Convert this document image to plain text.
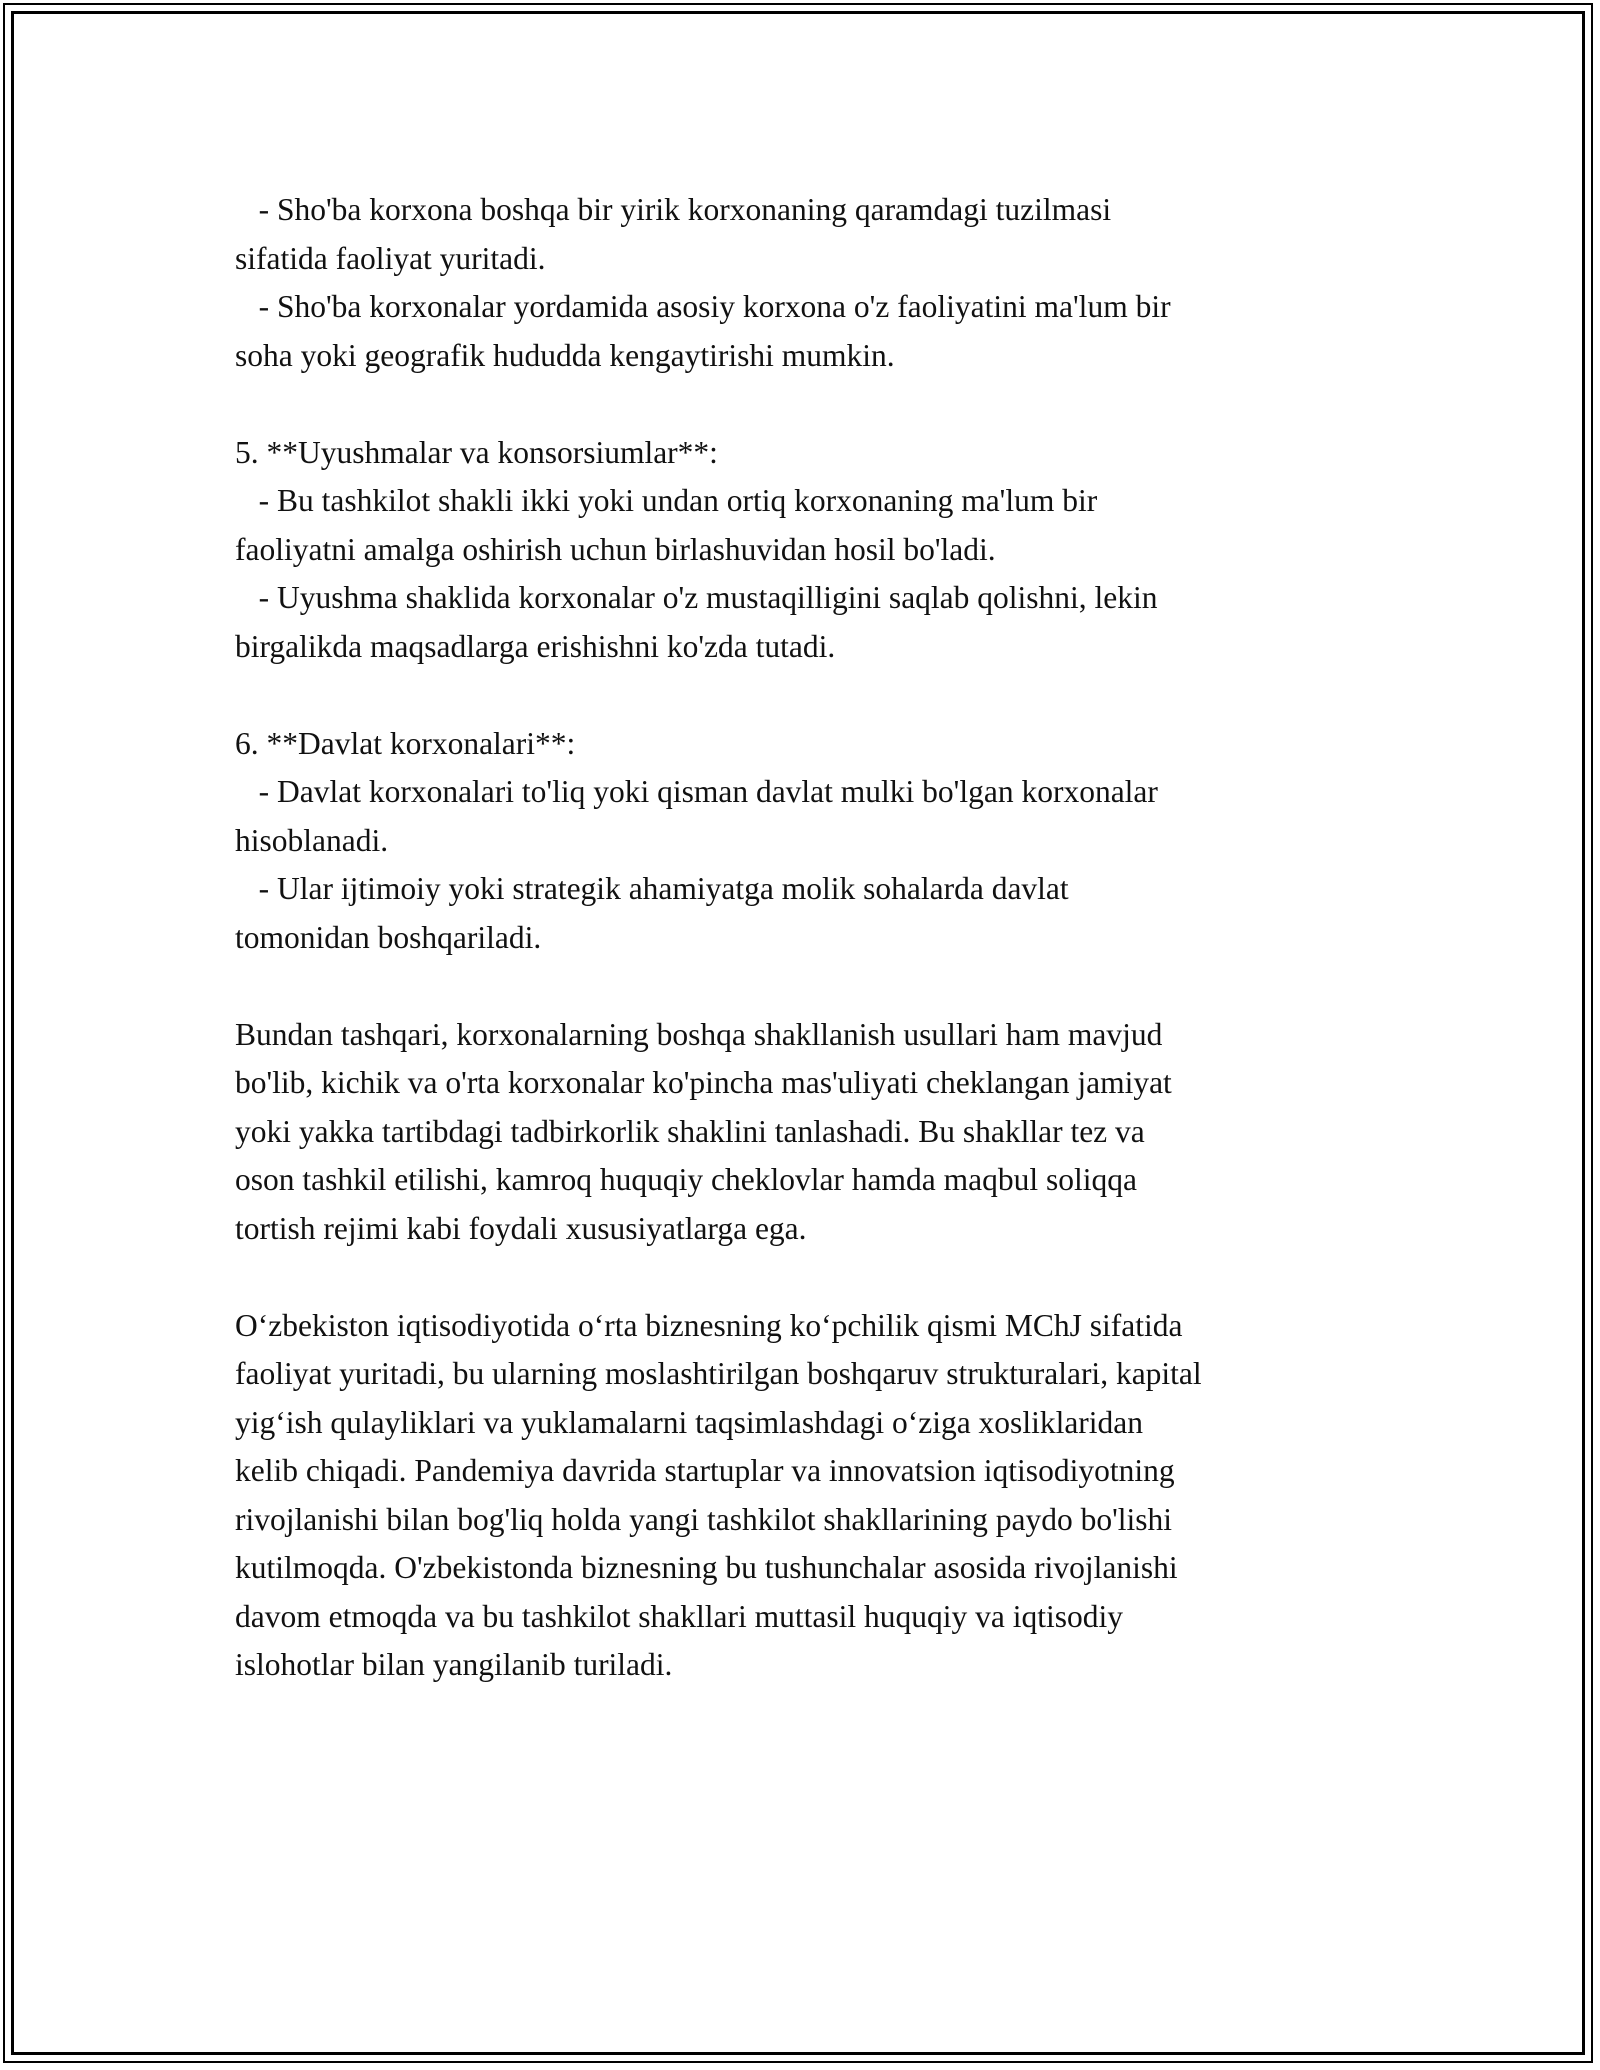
- Sho'ba korxona boshqa bir yirik korxonaning qaramdagi tuzilmasi
sifatida faoliyat yuritadi.
- Sho'ba korxonalar yordamida asosiy korxona o'z faoliyatini ma'lum bir
soha yoki geografik hududda kengaytirishi mumkin.
5. **Uyushmalar va konsorsiumlar**:
- Bu tashkilot shakli ikki yoki undan ortiq korxonaning ma'lum bir
faoliyatni amalga oshirish uchun birlashuvidan hosil bo'ladi.
- Uyushma shaklida korxonalar o'z mustaqilligini saqlab qolishni, lekin
birgalikda maqsadlarga erishishni ko'zda tutadi.
6. **Davlat korxonalari**:
- Davlat korxonalari to'liq yoki qisman davlat mulki bo'lgan korxonalar
hisoblanadi.
- Ular ijtimoiy yoki strategik ahamiyatga molik sohalarda davlat
tomonidan boshqariladi.
Bundan tashqari, korxonalarning boshqa shakllanish usullari ham mavjud
bo'lib, kichik va o'rta korxonalar ko'pincha mas'uliyati cheklangan jamiyat
yoki yakka tartibdagi tadbirkorlik shaklini tanlashadi. Bu shakllar tez va
oson tashkil etilishi, kamroq huquqiy cheklovlar hamda maqbul soliqqa
tortish rejimi kabi foydali xususiyatlarga ega.
O‘zbekiston iqtisodiyotida o‘rta biznesning ko‘pchilik qismi MChJ sifatida
faoliyat yuritadi, bu ularning moslashtirilgan boshqaruv strukturalari, kapital
yig‘ish qulayliklari va yuklamalarni taqsimlashdagi o‘ziga xosliklaridan
kelib chiqadi. Pandemiya davrida startuplar va innovatsion iqtisodiyotning
rivojlanishi bilan bog'liq holda yangi tashkilot shakllarining paydo bo'lishi
kutilmoqda. O'zbekistonda biznesning bu tushunchalar asosida rivojlanishi
davom etmoqda va bu tashkilot shakllari muttasil huquqiy va iqtisodiy
islohotlar bilan yangilanib turiladi.
